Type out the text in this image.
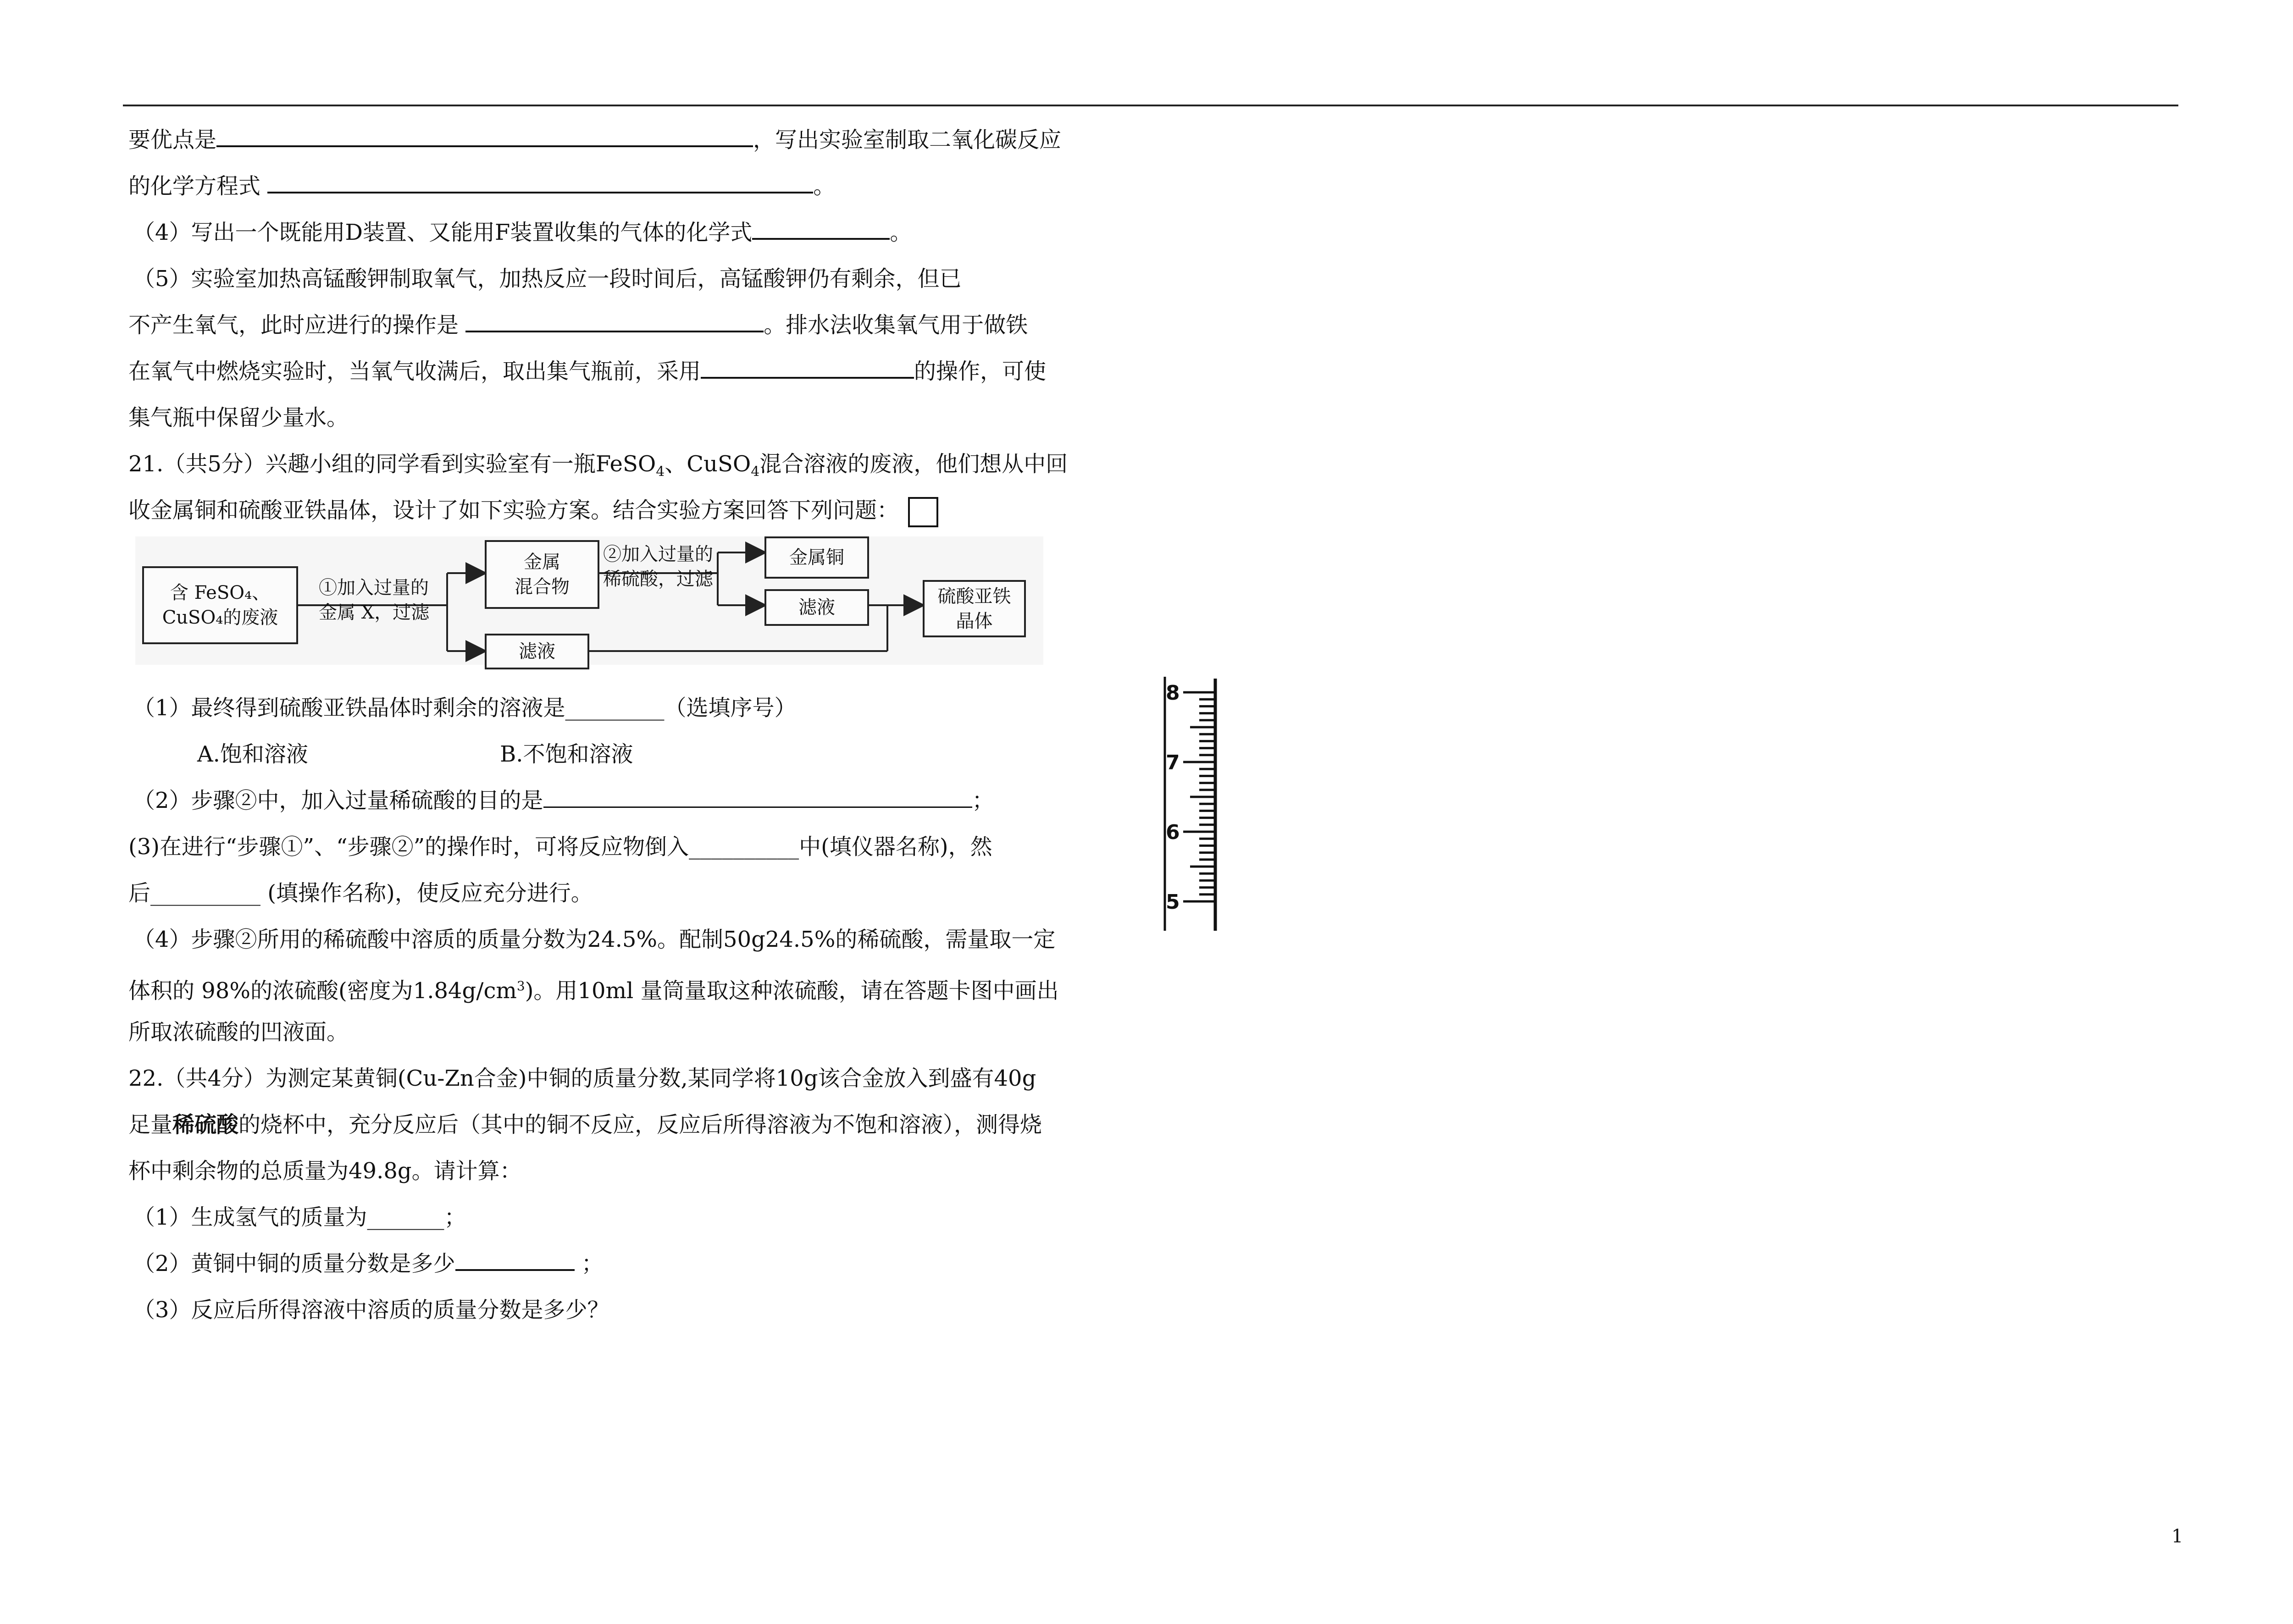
要优点是	，写出实验室制取二氧化碳反应
的化学方程式	。
（4）写出一个既能用D装置、又能用F装置收集的气体的化学式	。
（5）实验室加热高锰酸钾制取氧气，加热反应一段时间后，高锰酸钾仍有剩余，但已
不产生氧气，此时应进行的操作是	。排水法收集氧气用于做铁
在氧气中燃烧实验时，当氧气收满后，取出集气瓶前，采用	的操作，可使
集气瓶中保留少量水。
21.（共5分）兴趣小组的同学看到实验室有一瓶FeSO$_4$、CuSO$_4$混合溶液的废液，他们想从中回
收金属铜和硫酸亚铁晶体，设计了如下实验方案。结合实验方案回答下列问题：
（1）最终得到硫酸亚铁晶体时剩余的溶液是_________（选填序号）
A.饱和溶液	B.不饱和溶液
（2）步骤②中，加入过量稀硫酸的目的是	；
(3)在进行“步骤①”、“步骤②”的操作时，可将反应物倒入__________中(填仪器名称)，然
后__________ (填操作名称)，使反应充分进行。
（4）步骤②所用的稀硫酸中溶质的质量分数为24.5%。配制50g24.5%的稀硫酸，需量取一定
体积的 98%的浓硫酸(密度为$1.84g/cm^3$)。用10ml 量筒量取这种浓硫酸，请在答题卡图中画出
所取浓硫酸的凹液面。
22.（共4分）为测定某黄铜(Cu-Zn合金)中铜的质量分数,某同学将10g该合金放入到盛有40g
足量稀硫酸的烧杯中，充分反应后（其中的铜不反应，反应后所得溶液为不饱和溶液），测得烧
杯中剩余物的总质量为49.8g。请计算：
（1）生成氢气的质量为_______；
（2）黄铜中铜的质量分数是多少	；
（3）反应后所得溶液中溶质的质量分数是多少？
含 FeSO₄、
CuSO₄的废液
①加入过量的
金属 X，过滤
金属
混合物
②加入过量的
稀硫酸，过滤
金属铜
滤液
滤液
硫酸亚铁
晶体
8
7
6
5
1
